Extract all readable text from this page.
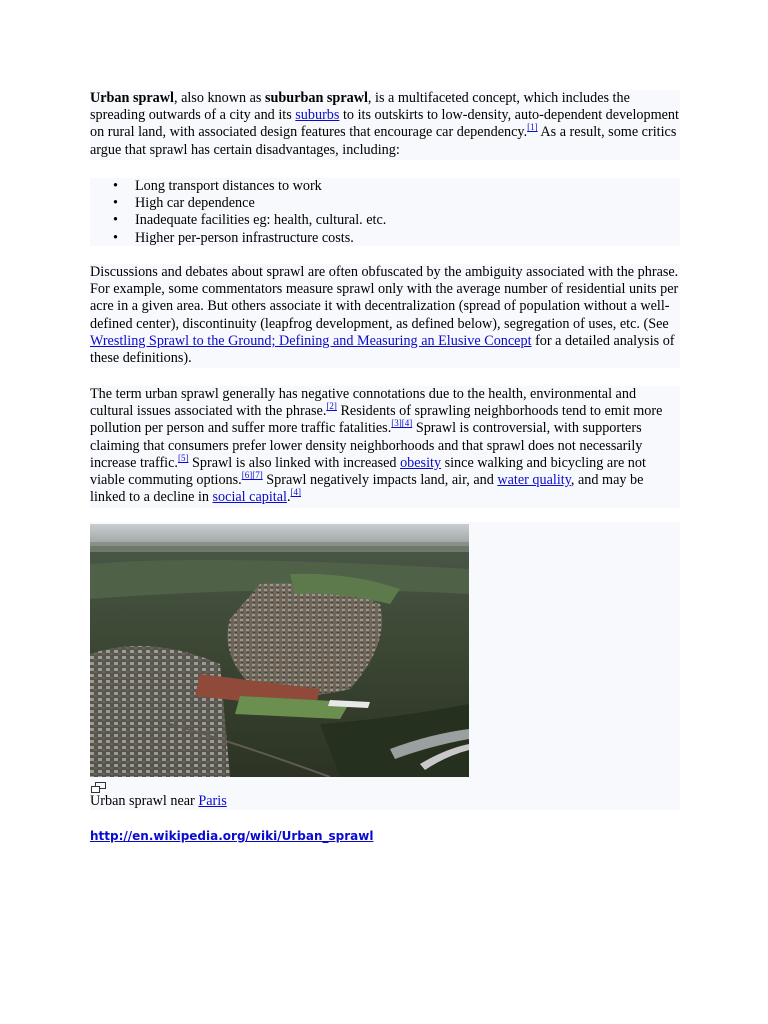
Urban sprawl, also known as suburban sprawl, is a multifaceted concept, which includes the spreading outwards of a city and its suburbs to its outskirts to low-density, auto-dependent development on rural land, with associated design features that encourage car dependency.[1] As a result, some critics argue that sprawl has certain disadvantages, including:

• Long transport distances to work
• High car dependence
• Inadequate facilities eg: health, cultural. etc.
• Higher per-person infrastructure costs.

Discussions and debates about sprawl are often obfuscated by the ambiguity associated with the phrase. For example, some commentators measure sprawl only with the average number of residential units per acre in a given area. But others associate it with decentralization (spread of population without a well-defined center), discontinuity (leapfrog development, as defined below), segregation of uses, etc. (See Wrestling Sprawl to the Ground; Defining and Measuring an Elusive Concept for a detailed analysis of these definitions).

The term urban sprawl generally has negative connotations due to the health, environmental and cultural issues associated with the phrase.[2] Residents of sprawling neighborhoods tend to emit more pollution per person and suffer more traffic fatalities.[3][4] Sprawl is controversial, with supporters claiming that consumers prefer lower density neighborhoods and that sprawl does not necessarily increase traffic.[5] Sprawl is also linked with increased obesity since walking and bicycling are not viable commuting options.[6][7] Sprawl negatively impacts land, air, and water quality, and may be linked to a decline in social capital.[4]

Urban sprawl near Paris

http://en.wikipedia.org/wiki/Urban_sprawl
